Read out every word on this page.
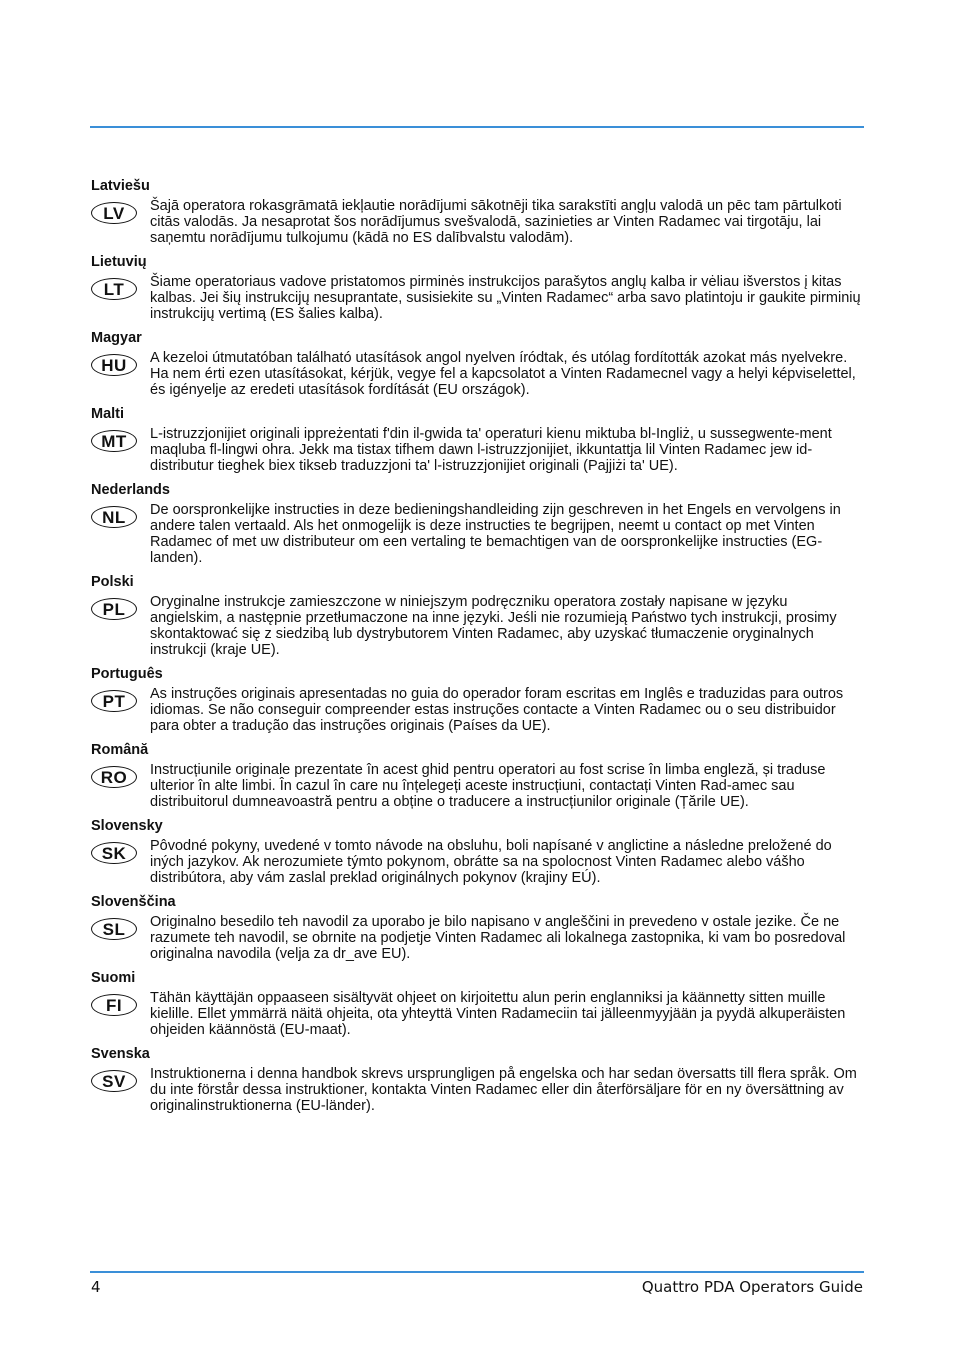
Latviešu
LV	Šajā operatora rokasgrāmatā iekļautie norādījumi sākotnēji tika sarakstīti angļu valodā un pēc tam pārtulkoti citās valodās. Ja nesaprotat šos norādījumus svešvalodā, sazinieties ar Vinten Radamec vai tirgotāju, lai saņemtu norādījumu tulkojumu (kādā no ES dalībvalstu valodām).
Lietuvių
LT	Šiame operatoriaus vadove pristatomos pirminės instrukcijos parašytos anglų kalba ir vėliau išverstos į kitas kalbas. Jei šių instrukcijų nesuprantate, susisiekite su „Vinten Radamec“ arba savo platintoju ir gaukite pirminių instrukcijų vertimą (ES šalies kalba).
Magyar
HU	A kezeloi útmutatóban található utasítások angol nyelven íródtak, és utólag fordították azokat más nyelvekre. Ha nem érti ezen utasításokat, kérjük, vegye fel a kapcsolatot a Vinten Radamecnel vagy a helyi képviselettel, és igényelje az eredeti utasítások fordítását (EU országok).
Malti
MT	L-istruzzjonijiet originali ippreżentati f'din il-gwida ta' operaturi kienu miktuba bl-Ingliż, u sussegwente-ment maqluba fl-lingwi ohra. Jekk ma tistax tifhem dawn l-istruzzjonijiet, ikkuntattja lil Vinten Radamec jew id-distributur tieghek biex tikseb traduzzjoni ta' l-istruzzjonijiet originali (Pajjiżi ta' UE).
Nederlands
NL	De oorspronkelijke instructies in deze bedieningshandleiding zijn geschreven in het Engels en vervolgens in andere talen vertaald. Als het onmogelijk is deze instructies te begrijpen, neemt u contact op met Vinten Radamec of met uw distributeur om een vertaling te bemachtigen van de oorspronkelijke instructies (EG-landen).
Polski
PL	Oryginalne instrukcje zamieszczone w niniejszym podręczniku operatora zostały napisane w języku angielskim, a następnie przetłumaczone na inne języki. Jeśli nie rozumieją Państwo tych instrukcji, prosimy skontaktować się z siedzibą lub dystrybutorem Vinten Radamec, aby uzyskać tłumaczenie oryginalnych instrukcji (kraje UE).
Português
PT	As instruções originais apresentadas no guia do operador foram escritas em Inglês e traduzidas para outros idiomas. Se não conseguir compreender estas instruções contacte a Vinten Radamec ou o seu distribuidor para obter a tradução das instruções originais (Países da UE).
Română
RO	Instrucțiunile originale prezentate în acest ghid pentru operatori au fost scrise în limba engleză, și traduse ulterior în alte limbi. În cazul în care nu înțelegeți aceste instrucțiuni, contactați Vinten Rad-amec sau distribuitorul dumneavoastră pentru a obține o traducere a instrucțiunilor originale (Țările UE).
Slovensky
SK	Pôvodné pokyny, uvedené v tomto návode na obsluhu, boli napísané v anglictine a následne preložené do iných jazykov. Ak nerozumiete týmto pokynom, obrátte sa na spolocnost Vinten Radamec alebo vášho distribútora, aby vám zaslal preklad originálnych pokynov (krajiny EÚ).
Slovenščina
SL	Originalno besedilo teh navodil za uporabo je bilo napisano v angleščini in prevedeno v ostale jezike. Če ne razumete teh navodil, se obrnite na podjetje Vinten Radamec ali lokalnega zastopnika, ki vam bo posredoval originalna navodila (velja za dr_ave EU).
Suomi
FI	Tähän käyttäjän oppaaseen sisältyvät ohjeet on kirjoitettu alun perin englanniksi ja käännetty sitten muille kielille. Ellet ymmärrä näitä ohjeita, ota yhteyttä Vinten Radameciin tai jälleenmyyjään ja pyydä alkuperäisten ohjeiden käännöstä (EU-maat).
Svenska
SV	Instruktionerna i denna handbok skrevs ursprungligen på engelska och har sedan översatts till flera språk. Om du inte förstår dessa instruktioner, kontakta Vinten Radamec eller din återförsäljare för en ny översättning av originalinstruktionerna (EU-länder).
4	Quattro PDA Operators Guide
